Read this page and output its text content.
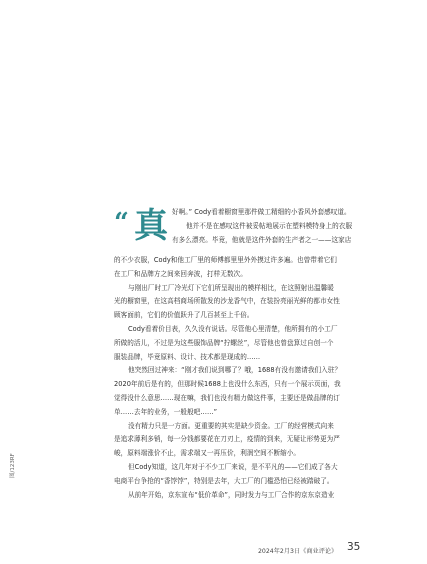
图/123RF
“ 真 好啊。” Cody看着橱窗里那件做工精细的小香风外套感叹道。
他并不是在感叹这件被妥帖地展示在塑料模特身上的衣服
有多么漂亮。毕竟，他就是这件外套的生产者之一——这家店
的不少衣服，Cody和他工厂里的师傅都里里外外摸过许多遍。也曾带着它们
在工厂和品牌方之间来回奔波，打样无数次。
与刚出厂时工厂冷光灯下它们所呈现出的模样相比，在这照射出温馨暖
光的橱窗里，在这高档商场所散发的沙龙香气中，在装扮亮丽光鲜的都市女性
顾客面前，它们的价值跃升了几百甚至上千倍。
Cody看着价目表，久久没有说话。尽管他心里清楚，他所拥有的小工厂
所做的活儿，不过是为这些服饰品牌“拧螺丝”，尽管他也曾盘算过自创一个
服装品牌，毕竟原料、设计、技术都是现成的……
他突然回过神来：“刚才我们说到哪了？哦，1688有没有邀请我们入驻？
2020年前后是有的，但那时候1688上也没什么东西，只有一个展示页面，我
觉得没什么意思……现在嘛，我们也没有精力做这件事，主要还是做品牌的订
单……去年的业务，一般般吧……”
没有精力只是一方面。更重要的其实是缺少资金。工厂的经营模式向来
是追求薄利多销，每一分钱都要花在刀刃上，疫情的到来，无疑让形势更为严
峻，原料端涨价不止，需求端又一再压价，利润空间不断缩小。
但Cody知道，这几年对于不少工厂来说，是不平凡的——它们成了各大
电商平台争抢的“香饽饽”，特别是去年，大工厂的门槛恐怕已经被踏破了。
从前年开始，京东宣布“低价革命”，同时发力与工厂合作的京东京造业
2024年2月3日《商业评论》 35
